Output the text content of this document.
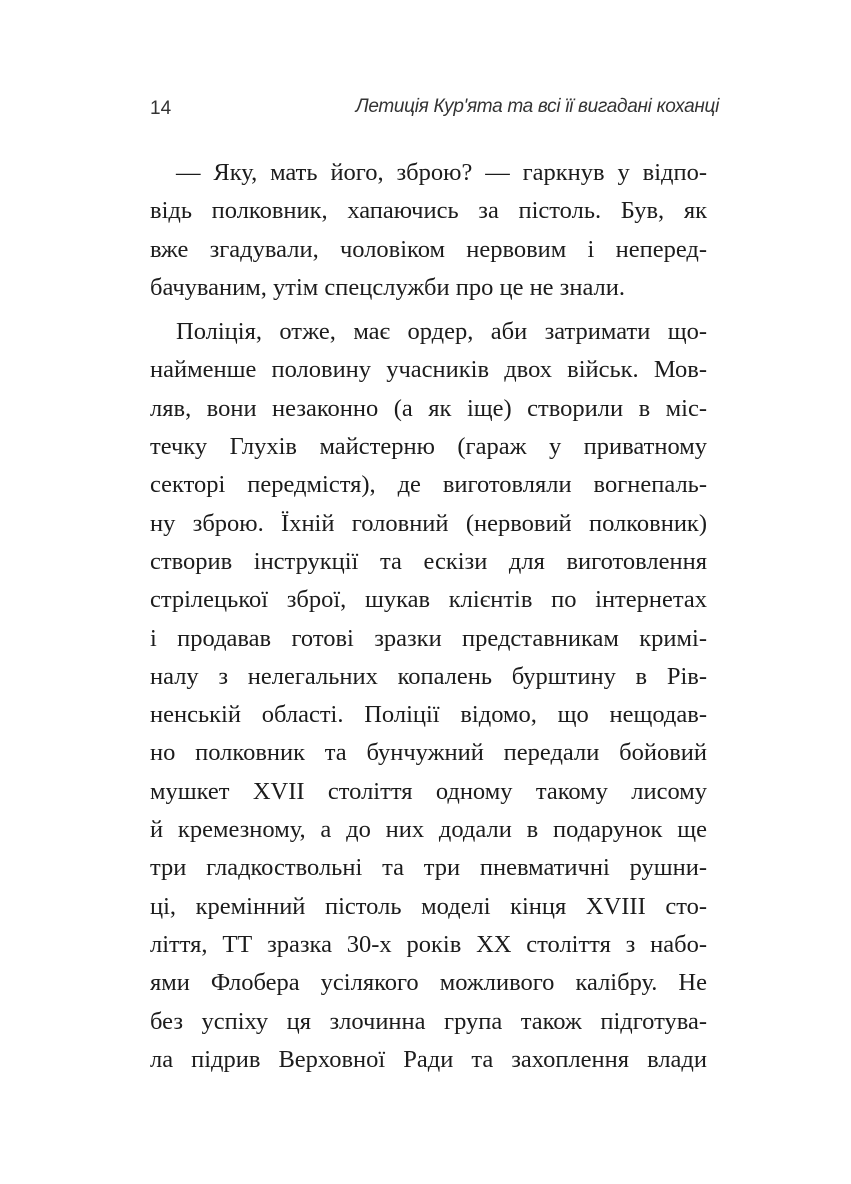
14	Летиція Кур'ята та всі її вигадані коханці
— Яку, мать його, зброю? — гаркнув у відпо-
відь полковник, хапаючись за пістоль. Був, як
вже згадували, чоловіком нервовим і неперед-
бачуваним, утім спецслужби про це не знали.
Поліція, отже, має ордер, аби затримати що-
найменше половину учасників двох військ. Мов-
ляв, вони незаконно (а як іще) створили в міс-
течку Глухів майстерню (гараж у приватному
секторі передмістя), де виготовляли вогнепаль-
ну зброю. Їхній головний (нервовий полковник)
створив інструкції та ескізи для виготовлення
стрілецької зброї, шукав клієнтів по інтернетах
і продавав готові зразки представникам кримі-
налу з нелегальних копалень бурштину в Рів-
ненській області. Поліції відомо, що нещодав-
но полковник та бунчужний передали бойовий
мушкет XVII століття одному такому лисому
й кремезному, а до них додали в подарунок ще
три гладкоствольні та три пневматичні рушни-
ці, кремінний пістоль моделі кінця XVIII сто-
ліття, ТТ зразка 30-х років XX століття з набо-
ями Флобера усілякого можливого калібру. Не
без успіху ця злочинна група також підготува-
ла підрив Верховної Ради та захоплення влади
